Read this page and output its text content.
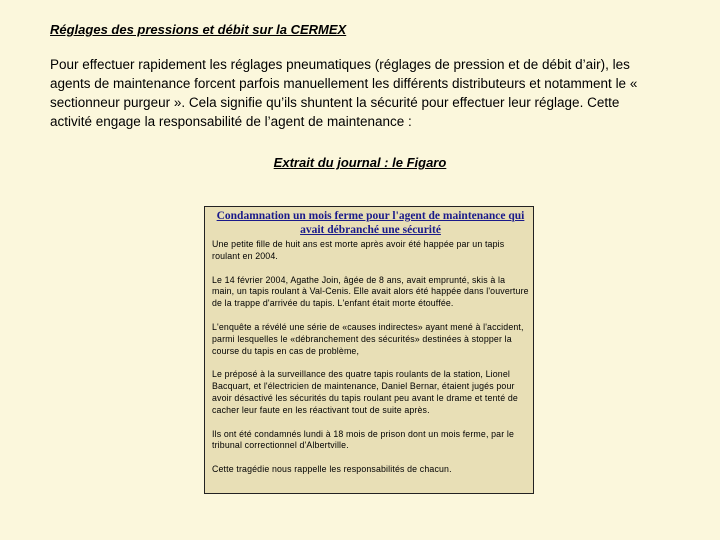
Réglages des pressions et débit sur la CERMEX

Pour effectuer rapidement les réglages pneumatiques (réglages de pression et de débit d’air), les agents de maintenance forcent parfois manuellement les différents distributeurs et notamment le « sectionneur purgeur ». Cela signifie qu’ils shuntent la sécurité pour effectuer leur réglage. Cette activité engage la responsabilité de l’agent de maintenance :

Extrait du journal : le Figaro

Condamnation un mois ferme pour l'agent de maintenance qui avait débranché une sécurité

Une petite fille de huit ans est morte après avoir été happée par un tapis roulant en 2004.

Le 14 février 2004, Agathe Join, âgée de 8 ans, avait emprunté, skis à la main, un tapis roulant à Val-Cenis. Elle avait alors été happée dans l'ouverture de la trappe d'arrivée du tapis. L'enfant était morte étouffée.

L'enquête a révélé une série de «causes indirectes» ayant mené à l'accident, parmi lesquelles le «débranchement des sécurités» destinées à stopper la course du tapis en cas de problème,

Le préposé à la surveillance des quatre tapis roulants de la station, Lionel Bacquart, et l'électricien de maintenance, Daniel Bernar, étaient jugés pour avoir désactivé les sécurités du tapis roulant peu avant le drame et tenté de cacher leur faute en les réactivant tout de suite après.

Ils ont été condamnés lundi à 18 mois de prison dont un mois ferme, par le tribunal correctionnel d'Albertville.

Cette tragédie nous rappelle les responsabilités de chacun.
